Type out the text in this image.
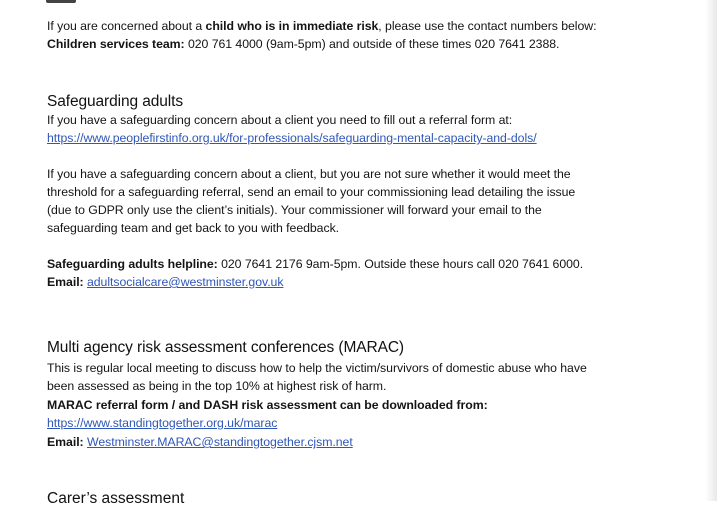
If you are concerned about a child who is in immediate risk, please use the contact numbers below:
Children services team: 020 761 4000 (9am-5pm) and outside of these times 020 7641 2388.
Safeguarding adults
If you have a safeguarding concern about a client you need to fill out a referral form at:
https://www.peoplefirstinfo.org.uk/for-professionals/safeguarding-mental-capacity-and-dols/
If you have a safeguarding concern about a client, but you are not sure whether it would meet the
threshold for a safeguarding referral, send an email to your commissioning lead detailing the issue
(due to GDPR only use the client’s initials). Your commissioner will forward your email to the
safeguarding team and get back to you with feedback.
Safeguarding adults helpline: 020 7641 2176 9am-5pm. Outside these hours call 020 7641 6000.
Email: adultsocialcare@westminster.gov.uk
Multi agency risk assessment conferences (MARAC)
This is regular local meeting to discuss how to help the victim/survivors of domestic abuse who have
been assessed as being in the top 10% at highest risk of harm.
MARAC referral form / and DASH risk assessment can be downloaded from:
https://www.standingtogether.org.uk/marac
Email: Westminster.MARAC@standingtogether.cjsm.net
Carer’s assessment
